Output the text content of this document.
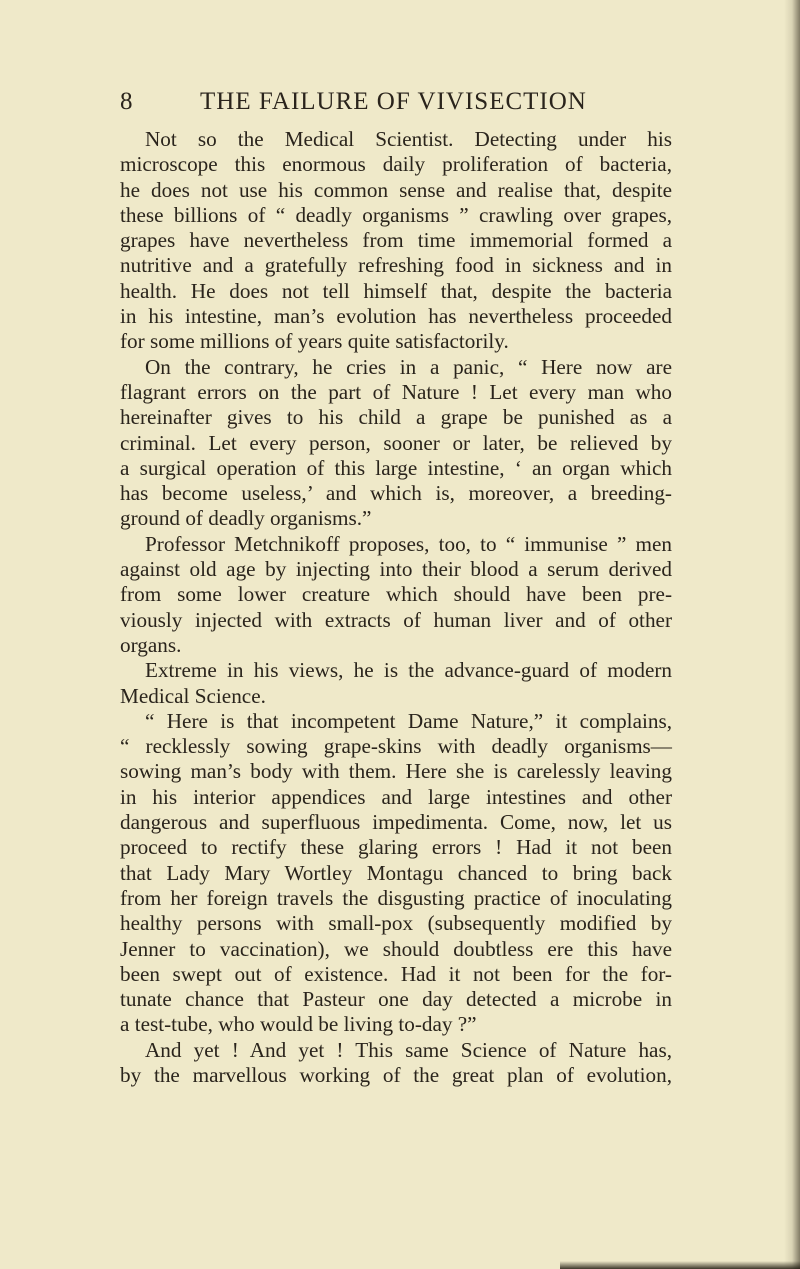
8	THE FAILURE OF VIVISECTION
Not so the Medical Scientist. Detecting under his
microscope this enormous daily proliferation of bacteria,
he does not use his common sense and realise that, despite
these billions of “ deadly organisms ” crawling over grapes,
grapes have nevertheless from time immemorial formed a
nutritive and a gratefully refreshing food in sickness and in
health. He does not tell himself that, despite the bacteria
in his intestine, man’s evolution has nevertheless proceeded
for some millions of years quite satisfactorily.
On the contrary, he cries in a panic, “ Here now are
flagrant errors on the part of Nature ! Let every man who
hereinafter gives to his child a grape be punished as a
criminal. Let every person, sooner or later, be relieved by
a surgical operation of this large intestine, ‘ an organ which
has become useless,’ and which is, moreover, a breeding-
ground of deadly organisms.”
Professor Metchnikoff proposes, too, to “ immunise ” men
against old age by injecting into their blood a serum derived
from some lower creature which should have been pre-
viously injected with extracts of human liver and of other
organs.
Extreme in his views, he is the advance-guard of modern
Medical Science.
“ Here is that incompetent Dame Nature,” it complains,
“ recklessly sowing grape-skins with deadly organisms—
sowing man’s body with them. Here she is carelessly leaving
in his interior appendices and large intestines and other
dangerous and superfluous impedimenta. Come, now, let us
proceed to rectify these glaring errors ! Had it not been
that Lady Mary Wortley Montagu chanced to bring back
from her foreign travels the disgusting practice of inoculating
healthy persons with small-pox (subsequently modified by
Jenner to vaccination), we should doubtless ere this have
been swept out of existence. Had it not been for the for-
tunate chance that Pasteur one day detected a microbe in
a test-tube, who would be living to-day ?”
And yet ! And yet ! This same Science of Nature has,
by the marvellous working of the great plan of evolution,
